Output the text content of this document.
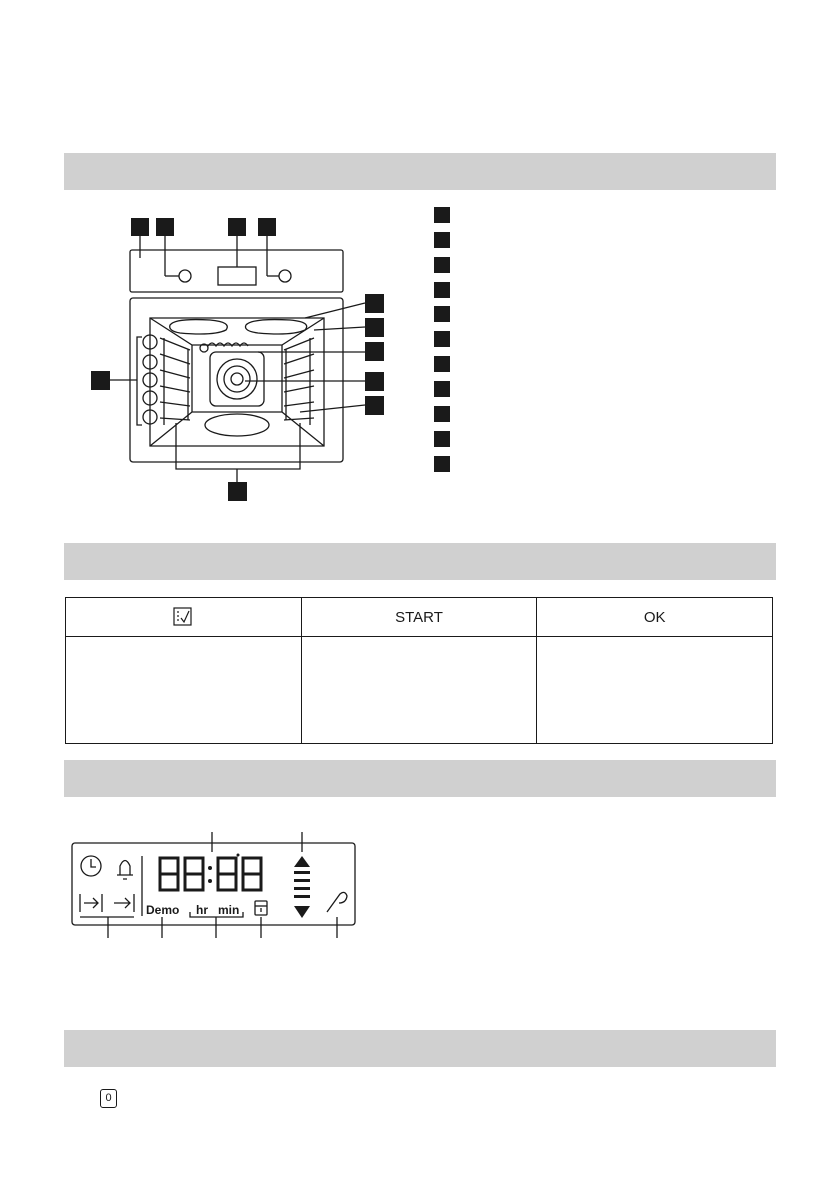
	START	OK

Demo hr min
0
